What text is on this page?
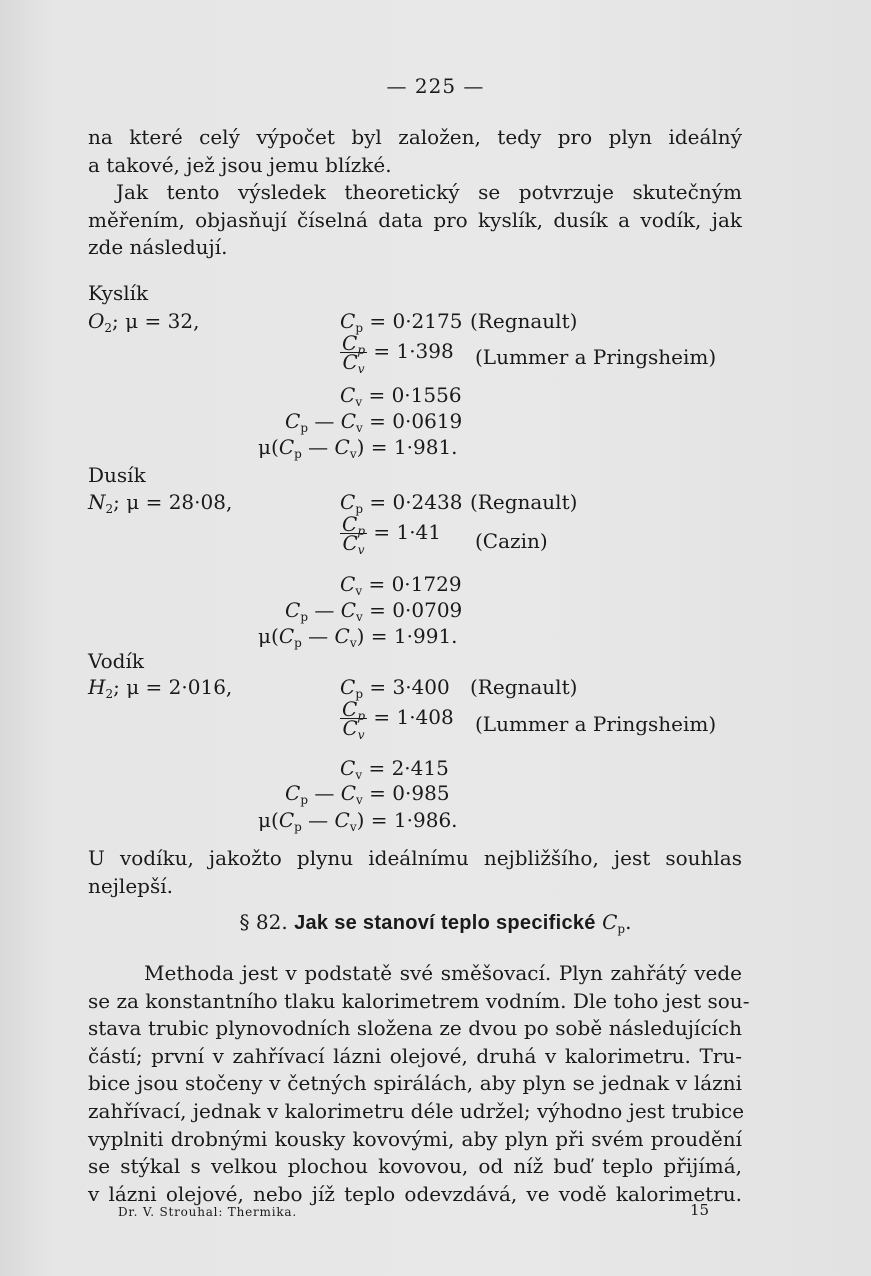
— 225 —
na které celý výpočet byl založen, tedy pro plyn ideálný
a takové, jež jsou jemu blízké.
Jak tento výsledek theoretický se potvrzuje skutečným
měřením, objasňují číselná data pro kyslík, dusík a vodík, jak
zde následují.
Kyslík
$O_2$; μ = 32,	$C_p = 0\cdot 2175$ (Regnault)
$\frac{C_p}{C_v} = 1\cdot 398$ (Lummer a Pringsheim)
$C_v = 0\cdot 1556$
$C_p$ — $C_v = 0\cdot 0619$
$\mu(C_p$ — $C_v) = 1\cdot 981$.
Dusík
$N_2$; μ = 28·08,	$C_p = 0\cdot 2438$ (Regnault)
$\frac{C_p}{C_v} = 1\cdot 41$ (Cazin)
$C_v = 0\cdot 1729$
$C_p$ — $C_v = 0\cdot 0709$
$\mu(C_p$ — $C_v) = 1\cdot 991$.
Vodík
$H_2$; μ = 2·016,	$C_p = 3\cdot 400$ (Regnault)
$\frac{C_p}{C_v} = 1\cdot 408$ (Lummer a Pringsheim)
$C_v = 2\cdot 415$
$C_p$ — $C_v = 0\cdot 985$
$\mu(C_p$ — $C_v) = 1\cdot 986$.
U vodíku, jakožto plynu ideálnímu nejbližšího, jest souhlas
nejlepší.
§ 82. Jak se stanoví teplo specifické $C_p$.
Methoda jest v podstatě své směšovací. Plyn zahřátý vede
se za konstantního tlaku kalorimetrem vodním. Dle toho jest sou-
stava trubic plynovodních složena ze dvou po sobě následujících
částí; první v zahřívací lázni olejové, druhá v kalorimetru. Tru-
bice jsou stočeny v četných spirálách, aby plyn se jednak v lázni
zahřívací, jednak v kalorimetru déle udržel; výhodno jest trubice
vyplniti drobnými kousky kovovými, aby plyn při svém proudění
se stýkal s velkou plochou kovovou, od níž buď teplo přijímá,
v lázni olejové, nebo jíž teplo odevzdává, ve vodě kalorimetru.
Dr. V. Strouhal: Thermika.	15
